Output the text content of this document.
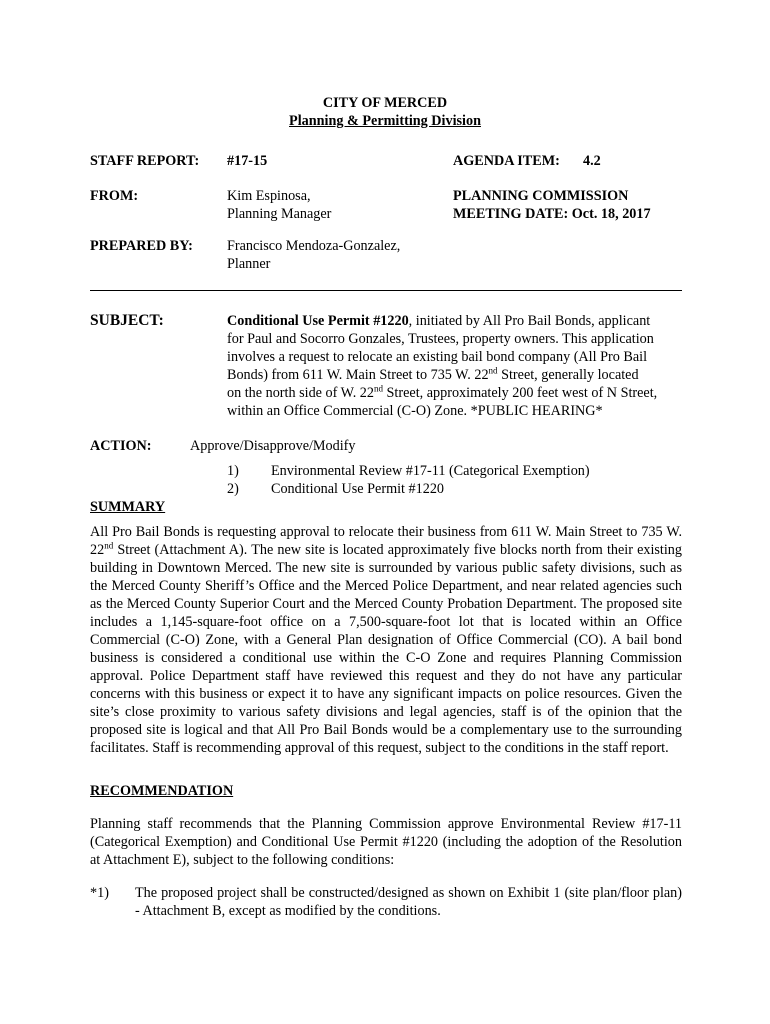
CITY OF MERCED
Planning & Permitting Division
STAFF REPORT: #17-15	AGENDA ITEM: 4.2
FROM:	Kim Espinosa,
Planning Manager
PLANNING COMMISSION
MEETING DATE: Oct. 18, 2017
PREPARED BY: Francisco Mendoza-Gonzalez,
Planner
SUBJECT:	Conditional Use Permit #1220, initiated by All Pro Bail Bonds, applicant
for Paul and Socorro Gonzales, Trustees, property owners. This application
involves a request to relocate an existing bail bond company (All Pro Bail
Bonds) from 611 W. Main Street to 735 W. 22nd Street, generally located
on the north side of W. 22nd Street, approximately 200 feet west of N Street,
within an Office Commercial (C-O) Zone. *PUBLIC HEARING*
ACTION:	Approve/Disapprove/Modify
1) Environmental Review #17-11 (Categorical Exemption)
2) Conditional Use Permit #1220
SUMMARY
All Pro Bail Bonds is requesting approval to relocate their business from 611 W. Main Street to 735 W. 22nd Street (Attachment A). The new site is located approximately five blocks north from their existing building in Downtown Merced. The new site is surrounded by various public safety divisions, such as the Merced County Sheriff’s Office and the Merced Police Department, and near related agencies such as the Merced County Superior Court and the Merced County Probation Department. The proposed site includes a 1,145-square-foot office on a 7,500-square-foot lot that is located within an Office Commercial (C-O) Zone, with a General Plan designation of Office Commercial (CO). A bail bond business is considered a conditional use within the C-O Zone and requires Planning Commission approval. Police Department staff have reviewed this request and they do not have any particular concerns with this business or expect it to have any significant impacts on police resources. Given the site’s close proximity to various safety divisions and legal agencies, staff is of the opinion that the proposed site is logical and that All Pro Bail Bonds would be a complementary use to the surrounding facilitates. Staff is recommending approval of this request, subject to the conditions in the staff report.
RECOMMENDATION
Planning staff recommends that the Planning Commission approve Environmental Review #17-11 (Categorical Exemption) and Conditional Use Permit #1220 (including the adoption of the Resolution at Attachment E), subject to the following conditions:
*1) The proposed project shall be constructed/designed as shown on Exhibit 1 (site plan/floor plan) - Attachment B, except as modified by the conditions.
